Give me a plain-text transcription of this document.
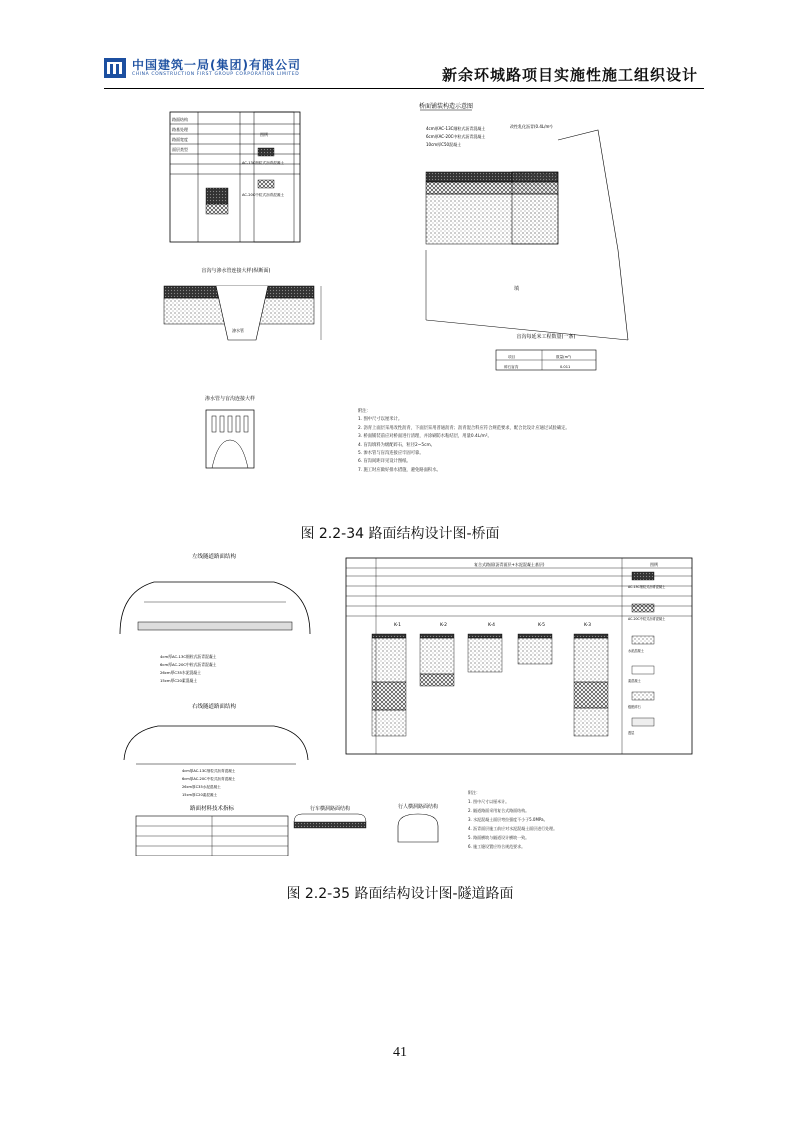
中国建筑一局(集团)有限公司
CHINA CONSTRUCTION FIRST GROUP CORPORATION LIMITED	新余环城路项目实施性施工组织设计
路面结构
路基处理
路面宽度
面层类型
图例
AC-13C细粒式沥青混凝土
AC-20C中粒式沥青混凝土
桥面铺装构造示意图
4cm厚AC-13C细粒式沥青混凝土
6cm厚AC-20C中粒式沥青混凝土
10cm厚C50混凝土
改性乳化沥青(0.4L/m²)
填
盲沟与渗水管连接大样(纵断面)
渗水管
渗水管与盲沟连接大样
盲沟每延米工程数量(一条)
项目	数量(m³)
碎石盲沟	0.011
附注：
1. 图中尺寸以厘米计。
2. 沥青上面层采用改性沥青，下面层采用普通沥青；沥青混合料应符合规范要求，配合比设计应通过试验确定。
3. 桥面铺装前应对桥面进行清理，并涂刷防水粘结层，用量0.4L/m²。
4. 盲沟填料为级配碎石，粒径2~5cm。
5. 渗水管与盲沟连接应牢固可靠。
6. 盲沟间距详见设计图纸。
7. 施工时应做好排水措施，避免路面积水。
图 2.2-34 路面结构设计图-桥面
左线隧道路面结构
4cm厚AC-13C细粒式沥青混凝土
6cm厚AC-20C中粒式沥青混凝土
26cm厚C35水泥混凝土
15cm厚C20素混凝土
右线隧道路面结构
复合式路面(沥青面层+水泥混凝土基层)	图例
K-1	K-2	K-4	K-5	K-3
AC-13C细粒式沥青混凝土
AC-20C中粒式沥青混凝土
水泥混凝土
素混凝土
级配碎石
透层
4cm厚AC-13C细粒式沥青混凝土
6cm厚AC-20C中粒式沥青混凝土
26cm厚C35水泥混凝土
15cm厚C20素混凝土
路面材料技术指标	行车横洞路面结构	行人横洞路面结构
附注：
1. 图中尺寸以厘米计。
2. 隧道路面采用复合式路面结构。
3. 水泥混凝土面层弯拉强度不小于5.0MPa。
4. 沥青面层施工前应对水泥混凝土面层进行处理。
5. 路面横坡与隧道设计横坡一致。
6. 施工缝设置应符合规范要求。
图 2.2-35 路面结构设计图-隧道路面
41
